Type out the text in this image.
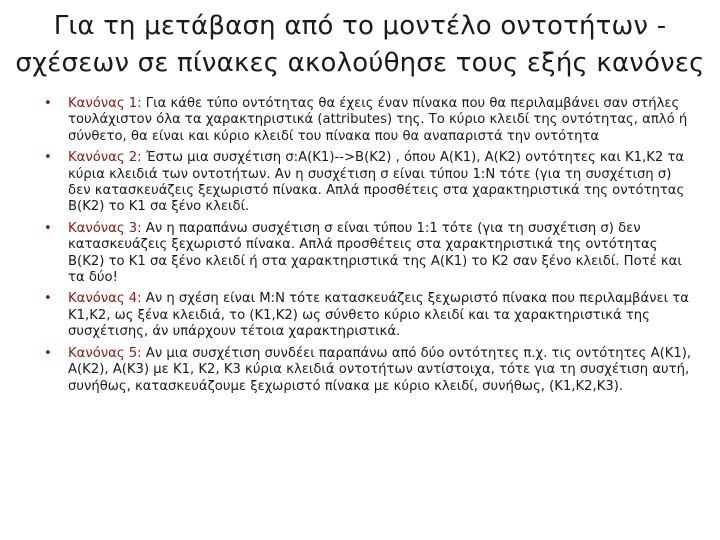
Για τη μετάβαση από το μοντέλο οντοτήτων -
σχέσεων σε πίνακες ακολούθησε τους εξής κανόνες
• Κανόνας 1: Για κάθε τύπο οντότητας θα έχεις έναν πίνακα που θα περιλαμβάνει σαν στήλες τουλάχιστον όλα τα χαρακτηριστικά (attributes) της. Το κύριο κλειδί της οντότητας, απλό ή σύνθετο, θα είναι και κύριο κλειδί του πίνακα που θα αναπαριστά την οντότητα
• Κανόνας 2: Έστω μια συσχέτιση σ:Α(Κ1)-->Β(Κ2) , όπου Α(Κ1), Α(Κ2) οντότητες και Κ1,Κ2 τα κύρια κλειδιά των οντοτήτων. Αν η συσχέτιση σ είναι τύπου 1:Ν τότε (για τη συσχέτιση σ) δεν κατασκευάζεις ξεχωριστό πίνακα. Απλά προσθέτεις στα χαρακτηριστικά της οντότητας Β(Κ2) το Κ1 σα ξένο κλειδί.
• Κανόνας 3: Αν η παραπάνω συσχέτιση σ είναι τύπου 1:1 τότε (για τη συσχέτιση σ) δεν κατασκευάζεις ξεχωριστό πίνακα. Απλά προσθέτεις στα χαρακτηριστικά της οντότητας Β(Κ2) το Κ1 σα ξένο κλειδί ή στα χαρακτηριστικά της Α(Κ1) το Κ2 σαν ξένο κλειδί. Ποτέ και τα δύο!
• Κανόνας 4: Αν η σχέση είναι Μ:Ν τότε κατασκευάζεις ξεχωριστό πίνακα που περιλαμβάνει τα Κ1,Κ2, ως ξένα κλειδιά, το (Κ1,Κ2) ως σύνθετο κύριο κλειδί και τα χαρακτηριστικά της συσχέτισης, άν υπάρχουν τέτοια χαρακτηριστικά.
• Κανόνας 5: Αν μια συσχέτιση συνδέει παραπάνω από δύο οντότητες π.χ. τις οντότητες Α(Κ1), Α(Κ2), Α(Κ3) με Κ1, Κ2, Κ3 κύρια κλειδιά οντοτήτων αντίστοιχα, τότε για τη συσχέτιση αυτή, συνήθως, κατασκευάζουμε ξεχωριστό πίνακα με κύριο κλειδί, συνήθως, (Κ1,Κ2,Κ3).
